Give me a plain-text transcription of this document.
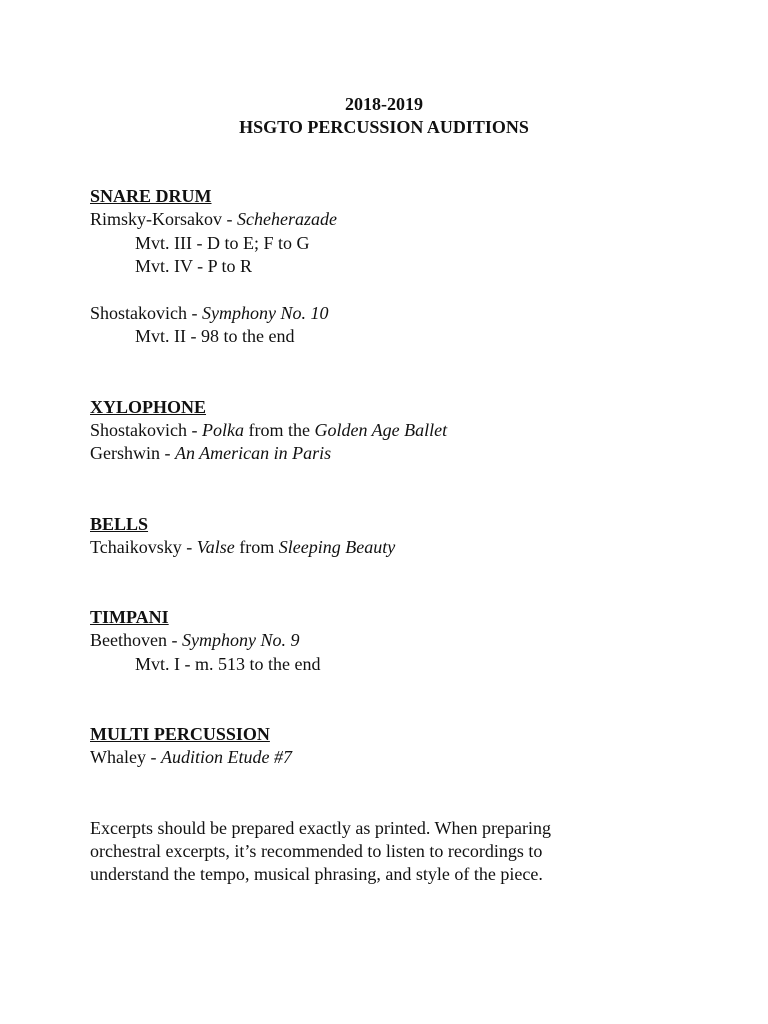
2018-2019
HSGTO PERCUSSION AUDITIONS
SNARE DRUM
Rimsky-Korsakov - Scheherazade
Mvt. III - D to E; F to G
Mvt. IV - P to R
Shostakovich - Symphony No. 10
Mvt. II - 98 to the end
XYLOPHONE
Shostakovich - Polka from the Golden Age Ballet
Gershwin - An American in Paris
BELLS
Tchaikovsky - Valse from Sleeping Beauty
TIMPANI
Beethoven - Symphony No. 9
Mvt. I - m. 513 to the end
MULTI PERCUSSION
Whaley - Audition Etude #7
Excerpts should be prepared exactly as printed. When preparing
orchestral excerpts, it’s recommended to listen to recordings to
understand the tempo, musical phrasing, and style of the piece.
